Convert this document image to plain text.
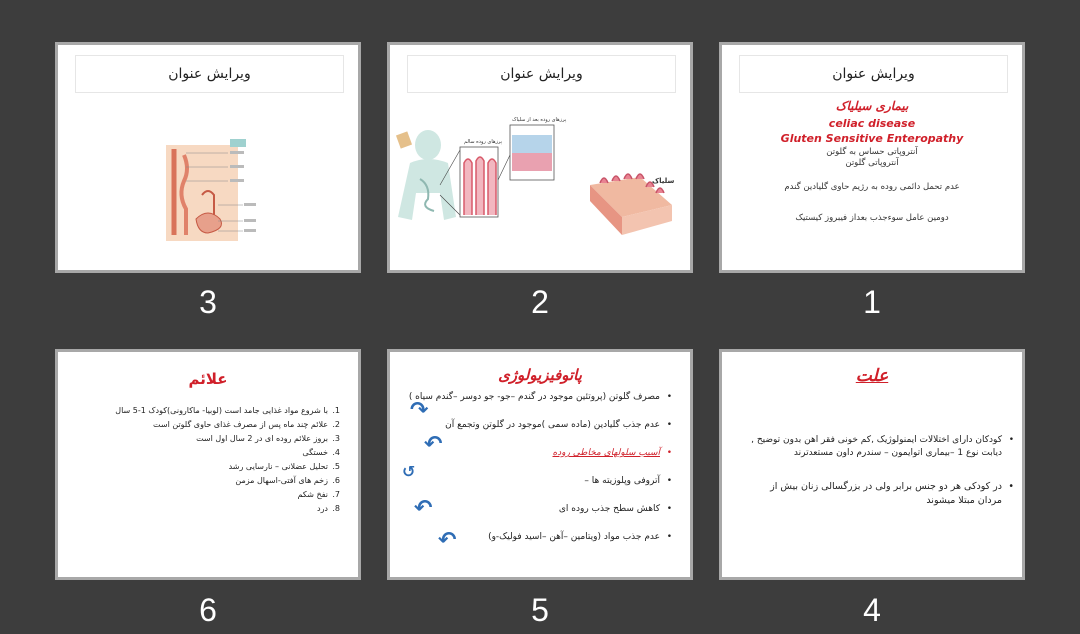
ویرایش عنوان
بیماری سیلیاک
celiac disease
Gluten Sensitive Enteropathy
آنتروپاتی حساس به گلوتن
آنتروپاتی گلوتن
عدم تحمل دائمی روده به رژیم حاوی گلیادین گندم
دومین عامل سوءجذب بعداز فیبروز کیستیک
1
ویرایش عنوان
پرزهای روده سالم
پرزهای روده بعد از سلیاک
سلیاک
2
ویرایش عنوان
3
علت
• کودکان دارای اختلالات ایمنولوژیک ,کم خونی فقر اهن بدون توضیح , دیابت نوع 1 –بیماری اتوایمون – سندرم داون مستعدترند
• در کودکی هر دو جنس برابر ولی در بزرگسالی زنان بیش از مردان مبتلا میشوند
4
پاتوفیزیولوژی
• مصرف گلوتن (پروتئین موجود در گندم –جو- جو دوسر –گندم سیاه )
• عدم جذب گلیادین (ماده سمی )موجود در گلوتن وتجمع آن
• آسیب سلولهای مخاطی روده
• آتروفی وپلوزیته ها –
• کاهش سطح جذب روده ای
• عدم جذب مواد (ویتامین –آهن –اسید فولیک-و)
↷
↶
↺
↶
↶
5
علائم
1.
با شروع مواد غذایی جامد است (لوبیا- ماکارونی)کودک 1-5 سال
2.
علائم چند ماه پس از مصرف غذای حاوی گلوتن است
3.
بروز علائم روده ای در 2 سال اول است
4.
خستگی
5.
تحلیل عضلانی – نارسایی رشد
6.
زخم های آفتی-اسهال مزمن
7.
نفخ شکم
8.
درد
6
